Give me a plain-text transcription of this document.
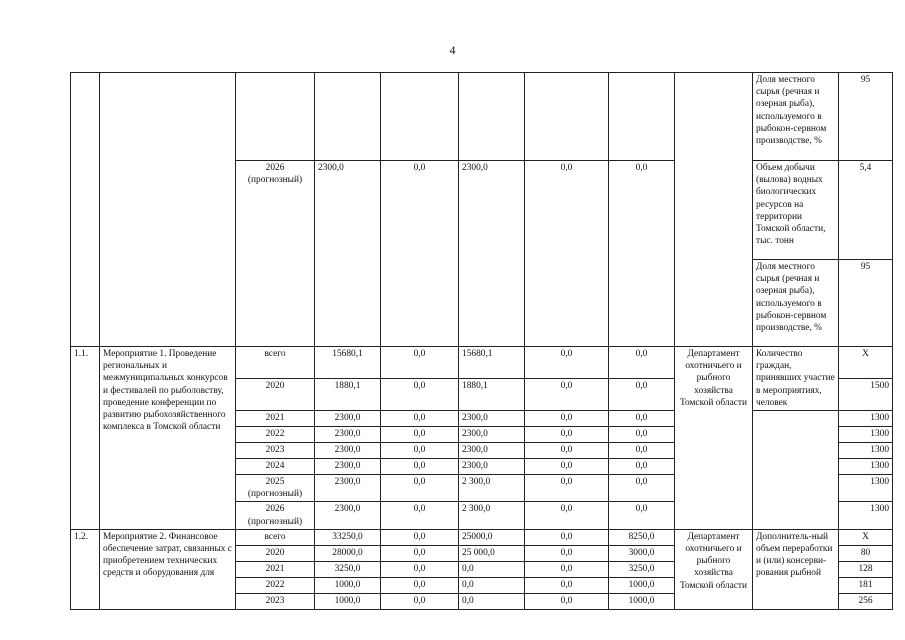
4
									Доля местного сырья (речная и озерная рыба), используемого в рыбокон-сервном производстве, %	95
		2026 (прогнозный)	2300,0	0,0	2300,0	0,0	0,0		Объем добычи (вылова) водных биологических ресурсов на территории Томской области, тыс. тонн	5,4
									Доля местного сырья (речная и озерная рыба), используемого в рыбокон-сервном производстве, %	95
1.1.	Мероприятие 1. Проведение региональных и межмуниципальных конкурсов и фестивалей по рыболовству, проведение конференции по развитию рыбохозяйственного комплекса в Томской области	всего	15680,1	0,0	15680,1	0,0	0,0	Департамент охотничьего и рыбного хозяйства Томской области	Количество граждан, принявших участие в мероприятиях, человек	Х
		2020	1880,1	0,0	1880,1	0,0	0,0			1500
		2021	2300,0	0,0	2300,0	0,0	0,0			1300
		2022	2300,0	0,0	2300,0	0,0	0,0			1300
		2023	2300,0	0,0	2300,0	0,0	0,0			1300
		2024	2300,0	0,0	2300,0	0,0	0,0			1300
		2025 (прогнозный)	2300,0	0,0	2 300,0	0,0	0,0			1300
		2026 (прогнозный)	2300,0	0,0	2 300,0	0,0	0,0			1300
1.2.	Мероприятие 2. Финансовое обеспечение затрат, связанных с приобретением технических средств и оборудования для	всего	33250,0	0,0	25000,0	0,0	8250,0	Департамент охотничьего и рыбного хозяйства Томской области	Дополнитель-ный объем переработки и (или) консерви-рования рыбной	Х
		2020	28000,0	0,0	25 000,0	0,0	3000,0			80
		2021	3250,0	0,0	0,0	0,0	3250,0			128
		2022	1000,0	0,0	0,0	0,0	1000,0			181
		2023	1000,0	0,0	0,0	0,0	1000,0			256
